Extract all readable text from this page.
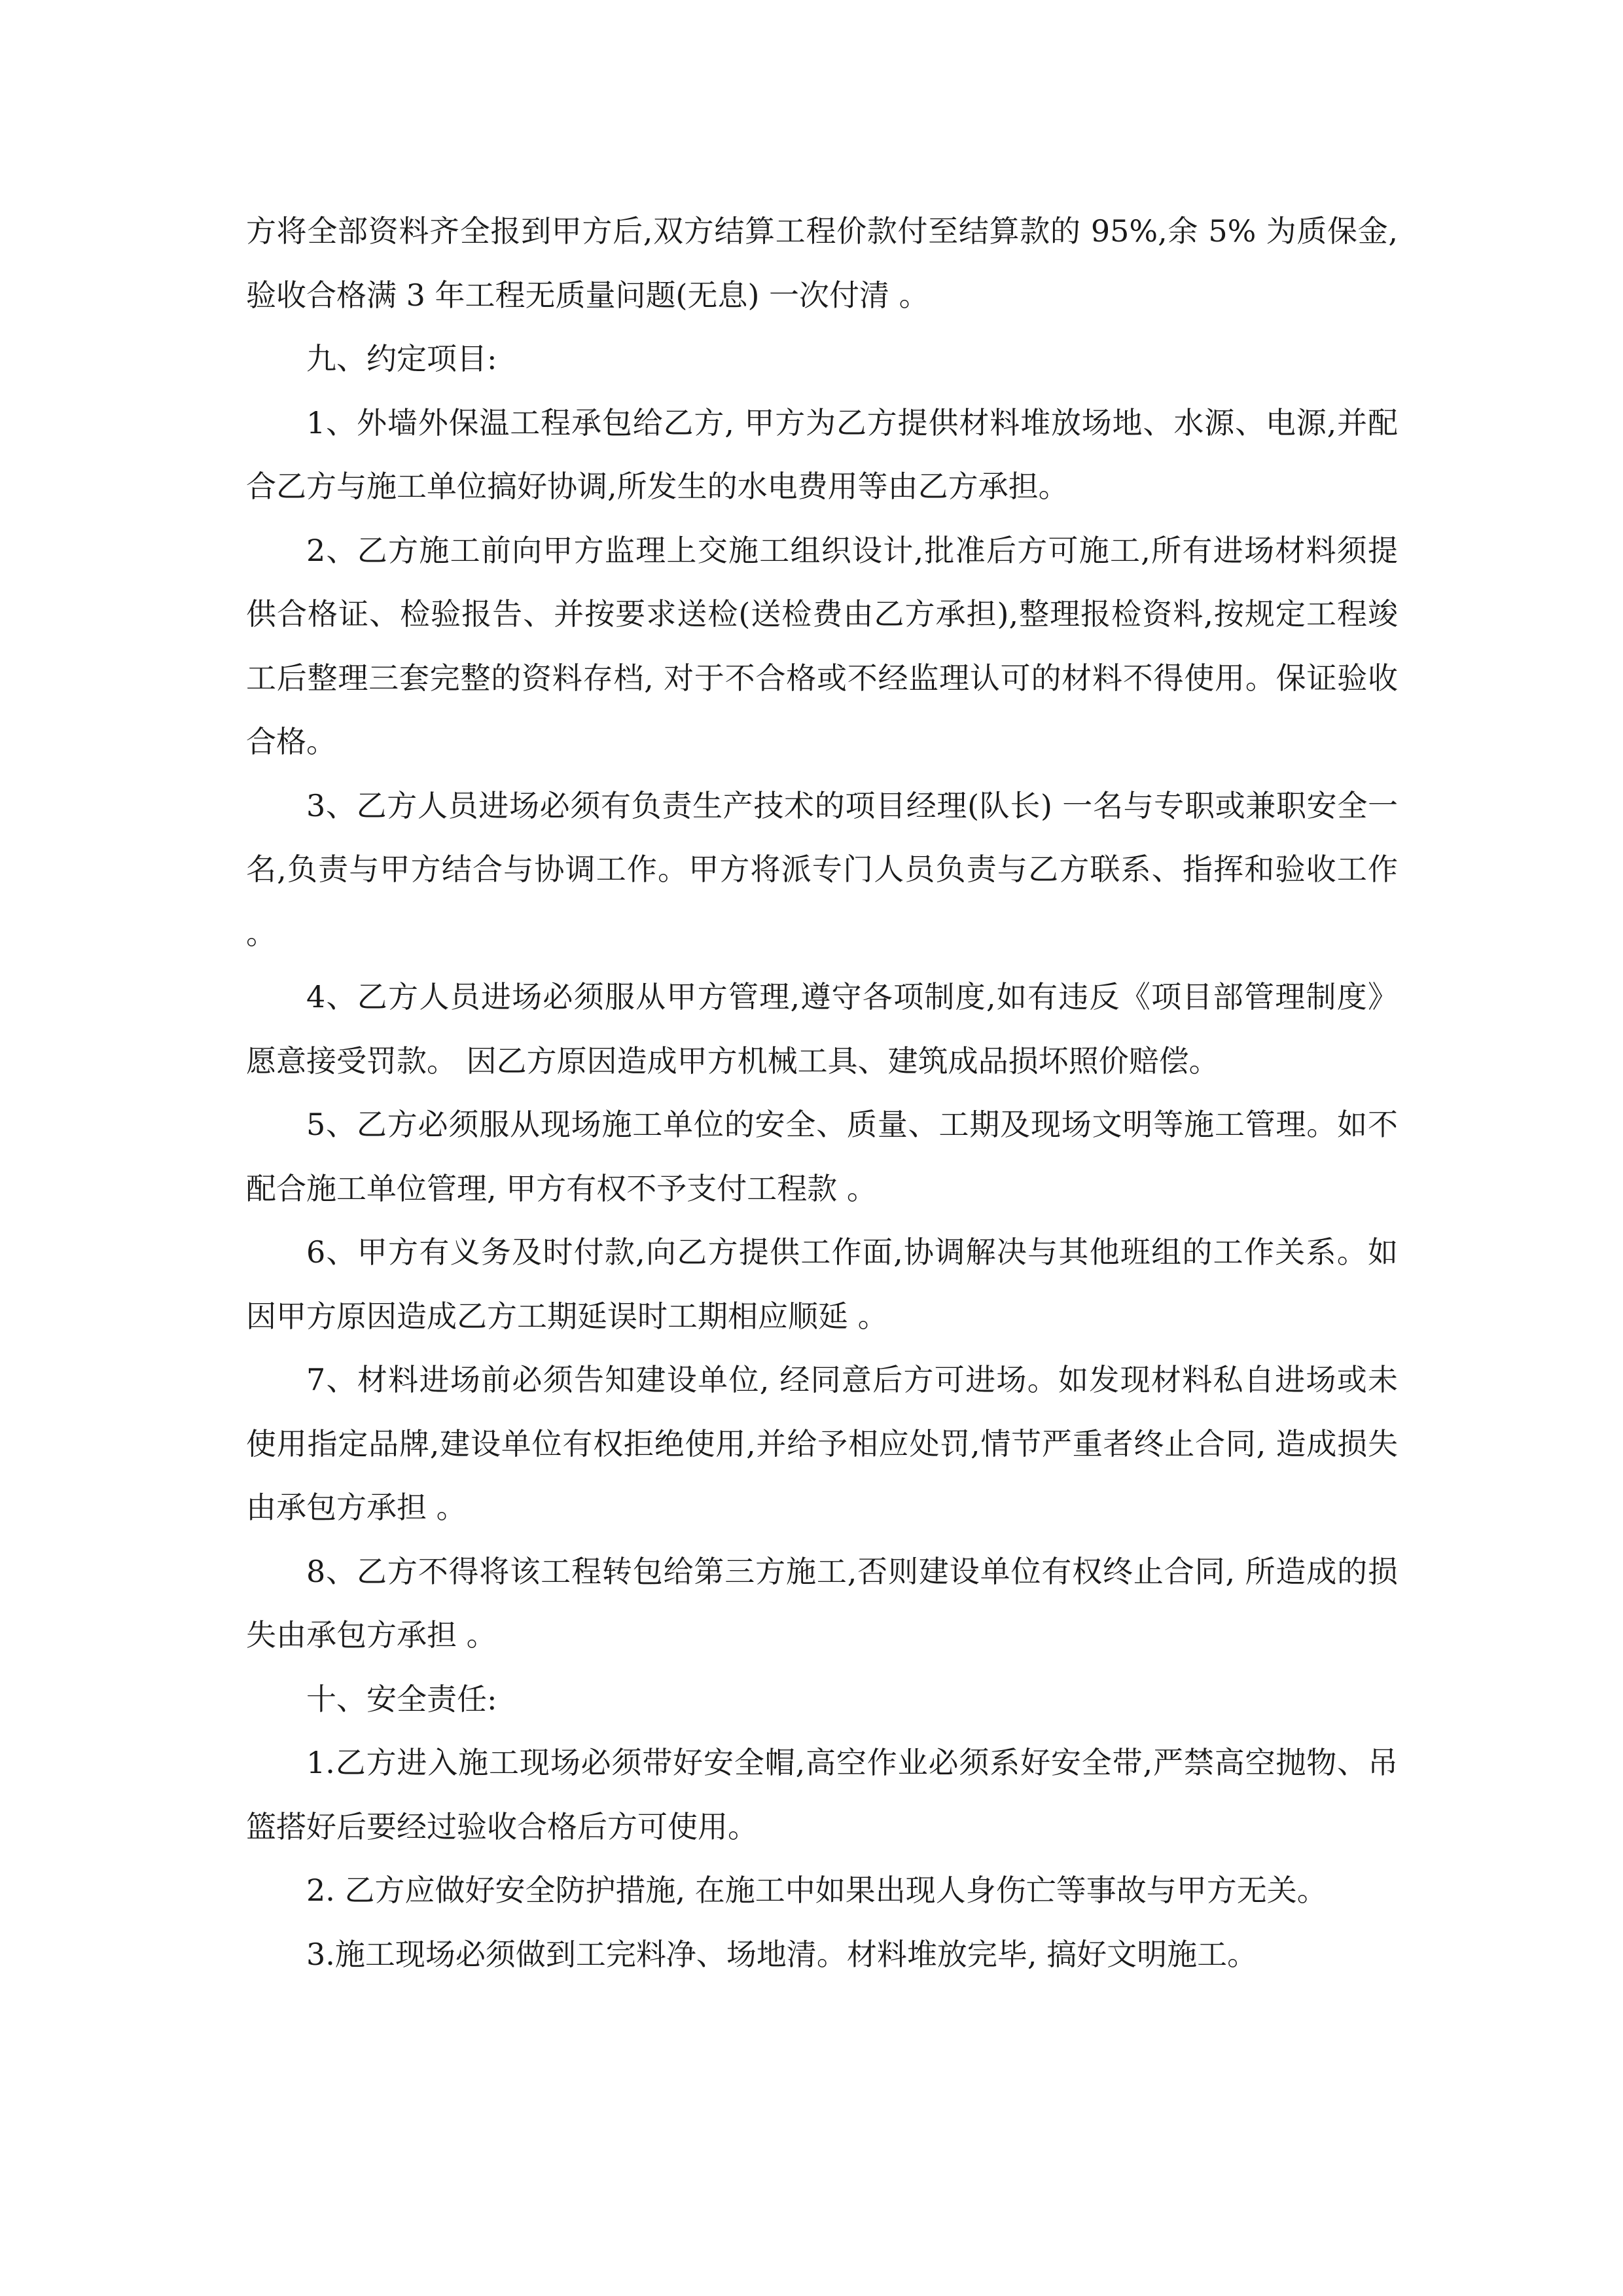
方将全部资料齐全报到甲方后,双方结算工程价款付至结算款的 95%,余 5% 为质保金,验收合格满 3 年工程无质量问题(无息) 一次付清 。

九、约定项目:

1、外墙外保温工程承包给乙方, 甲方为乙方提供材料堆放场地、水源、电源,并配合乙方与施工单位搞好协调,所发生的水电费用等由乙方承担。

2、乙方施工前向甲方监理上交施工组织设计,批准后方可施工,所有进场材料须提供合格证、检验报告、并按要求送检(送检费由乙方承担),整理报检资料,按规定工程竣工后整理三套完整的资料存档, 对于不合格或不经监理认可的材料不得使用。保证验收合格。

3、乙方人员进场必须有负责生产技术的项目经理(队长) 一名与专职或兼职安全一名,负责与甲方结合与协调工作。甲方将派专门人员负责与乙方联系、指挥和验收工作 。

4、乙方人员进场必须服从甲方管理,遵守各项制度,如有违反《项目部管理制度》愿意接受罚款。 因乙方原因造成甲方机械工具、建筑成品损坏照价赔偿。

5、乙方必须服从现场施工单位的安全、质量、工期及现场文明等施工管理。如不配合施工单位管理, 甲方有权不予支付工程款 。

6、甲方有义务及时付款,向乙方提供工作面,协调解决与其他班组的工作关系。如因甲方原因造成乙方工期延误时工期相应顺延 。

7、材料进场前必须告知建设单位, 经同意后方可进场。如发现材料私自进场或未使用指定品牌,建设单位有权拒绝使用,并给予相应处罚,情节严重者终止合同, 造成损失由承包方承担 。

8、乙方不得将该工程转包给第三方施工,否则建设单位有权终止合同, 所造成的损失由承包方承担 。

十、安全责任:

1.乙方进入施工现场必须带好安全帽,高空作业必须系好安全带,严禁高空抛物、吊篮搭好后要经过验收合格后方可使用。

2. 乙方应做好安全防护措施, 在施工中如果出现人身伤亡等事故与甲方无关。

3.施工现场必须做到工完料净、场地清。材料堆放完毕, 搞好文明施工。
